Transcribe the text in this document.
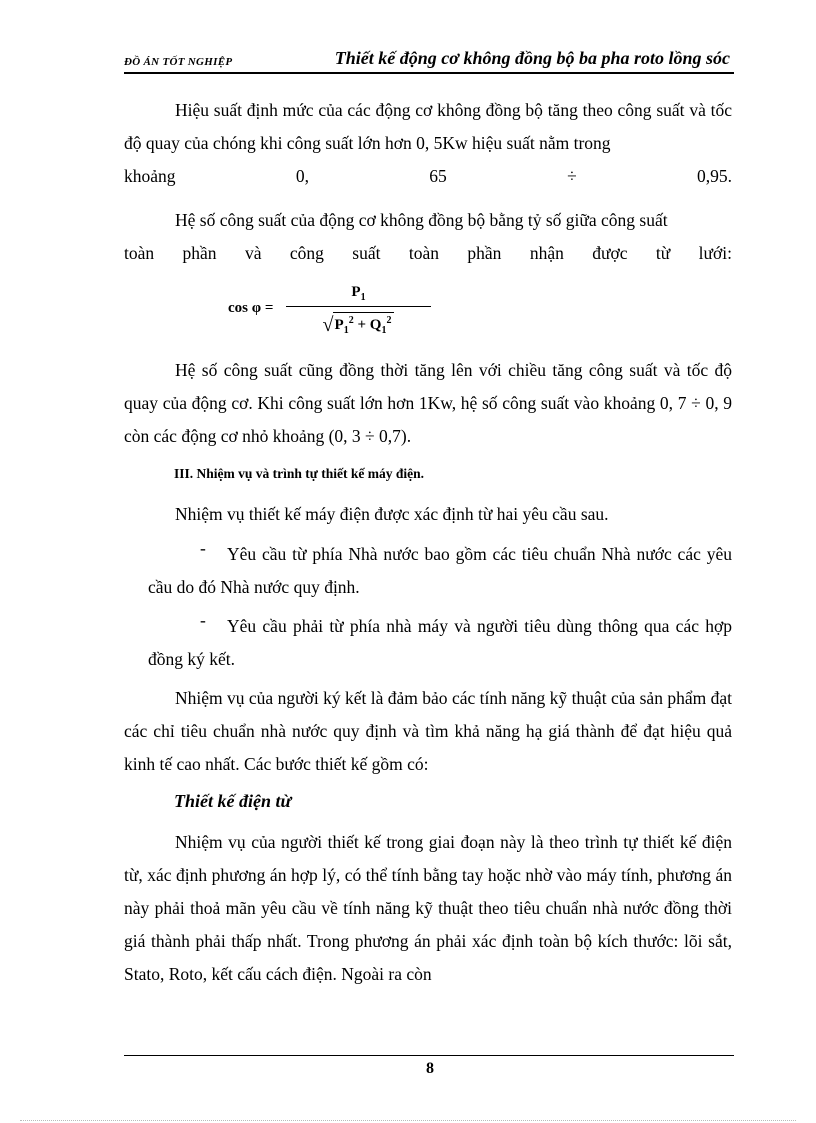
ĐỒ ÁN TỐT NGHIỆP	Thiết kế động cơ không đồng bộ ba pha roto lồng sóc

Hiệu suất định mức của các động cơ không đồng bộ tăng theo công suất và tốc độ quay của chóng khi công suất lớn hơn 0, 5Kw hiệu suất nằm trong

khoảng 0, 65 ÷ 0,95.

Hệ số công suất của động cơ không đồng bộ bằng tỷ số giữa công suất

toàn phần và công suất toàn phần nhận được từ lưới:

cos φ =
$P_1$
$√P_1^2 + Q_1^2$

Hệ số công suất cũng đồng thời tăng lên với chiều tăng công suất và tốc độ quay của động cơ. Khi công suất lớn hơn 1Kw, hệ số công suất vào khoảng 0, 7 ÷ 0, 9 còn các động cơ nhỏ khoảng (0, 3 ÷ 0,7).

III. Nhiệm vụ và trình tự thiết kế máy điện.

Nhiệm vụ thiết kế máy điện được xác định từ hai yêu cầu sau.

-	Yêu cầu từ phía Nhà nước bao gồm các tiêu chuẩn Nhà nước các yêu cầu do đó Nhà nước quy định.

-	Yêu cầu phải từ phía nhà máy và người tiêu dùng thông qua các hợp đồng ký kết.

Nhiệm vụ của người ký kết là đảm bảo các tính năng kỹ thuật của sản phẩm đạt các chỉ tiêu chuẩn nhà nước quy định và tìm khả năng hạ giá thành để đạt hiệu quả kinh tế cao nhất. Các bước thiết kế gồm có:

Thiết kế điện từ

Nhiệm vụ của người thiết kế trong giai đoạn này là theo trình tự thiết kế điện từ, xác định phương án hợp lý, có thể tính bằng tay hoặc nhờ vào máy tính, phương án này phải thoả mãn yêu cầu về tính năng kỹ thuật theo tiêu chuẩn nhà nước đồng thời giá thành phải thấp nhất. Trong phương án phải xác định toàn bộ kích thước: lõi sắt, Stato, Roto, kết cấu cách điện. Ngoài ra còn

8
